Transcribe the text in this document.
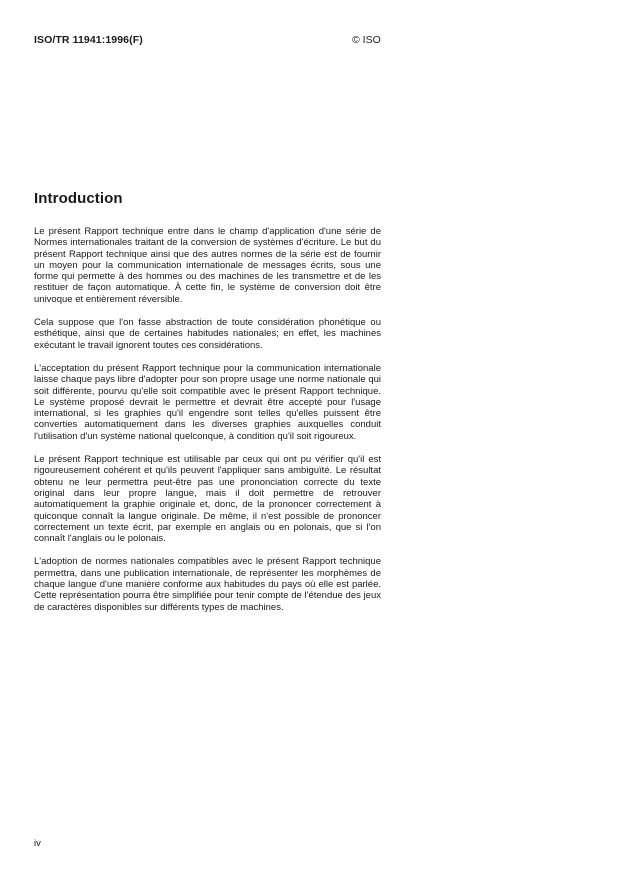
ISO/TR 11941:1996(F)	© ISO
Introduction

Le présent Rapport technique entre dans le champ d'application d'une série de Normes internationales traitant de la conversion de systèmes d'écriture. Le but du présent Rapport technique ainsi que des autres normes de la série est de fournir un moyen pour la communication internationale de messages écrits, sous une forme qui permette à des hommes ou des machines de les transmettre et de les restituer de façon automatique. À cette fin, le système de conversion doit être univoque et entièrement réversible.

Cela suppose que l'on fasse abstraction de toute considération phonétique ou esthétique, ainsi que de certaines habitudes nationales; en effet, les machines exécutant le travail ignorent toutes ces considérations.

L'acceptation du présent Rapport technique pour la communication internationale laisse chaque pays libre d'adopter pour son propre usage une norme nationale qui soit différente, pourvu qu'elle soit compatible avec le présent Rapport technique. Le système proposé devrait le permettre et devrait être accepté pour l'usage international, si les graphies qu'il engendre sont telles qu'elles puissent être converties automatiquement dans les diverses graphies auxquelles conduit l'utilisation d'un système national quelconque, à condition qu'il soit rigoureux.

Le présent Rapport technique est utilisable par ceux qui ont pu vérifier qu'il est rigoureusement cohérent et qu'ils peuvent l'appliquer sans ambiguïté. Le résultat obtenu ne leur permettra peut-être pas une prononciation correcte du texte original dans leur propre langue, mais il doit permettre de retrouver automatiquement la graphie originale et, donc, de la prononcer correctement à quiconque connaît la langue originale. De même, il n'est possible de prononcer correctement un texte écrit, par exemple en anglais ou en polonais, que si l'on connaît l'anglais ou le polonais.

L'adoption de normes nationales compatibles avec le présent Rapport technique permettra, dans une publication internationale, de représenter les morphèmes de chaque langue d'une manière conforme aux habitudes du pays où elle est parlée. Cette représentation pourra être simplifiée pour tenir compte de l'étendue des jeux de caractères disponibles sur différents types de machines.

iv
